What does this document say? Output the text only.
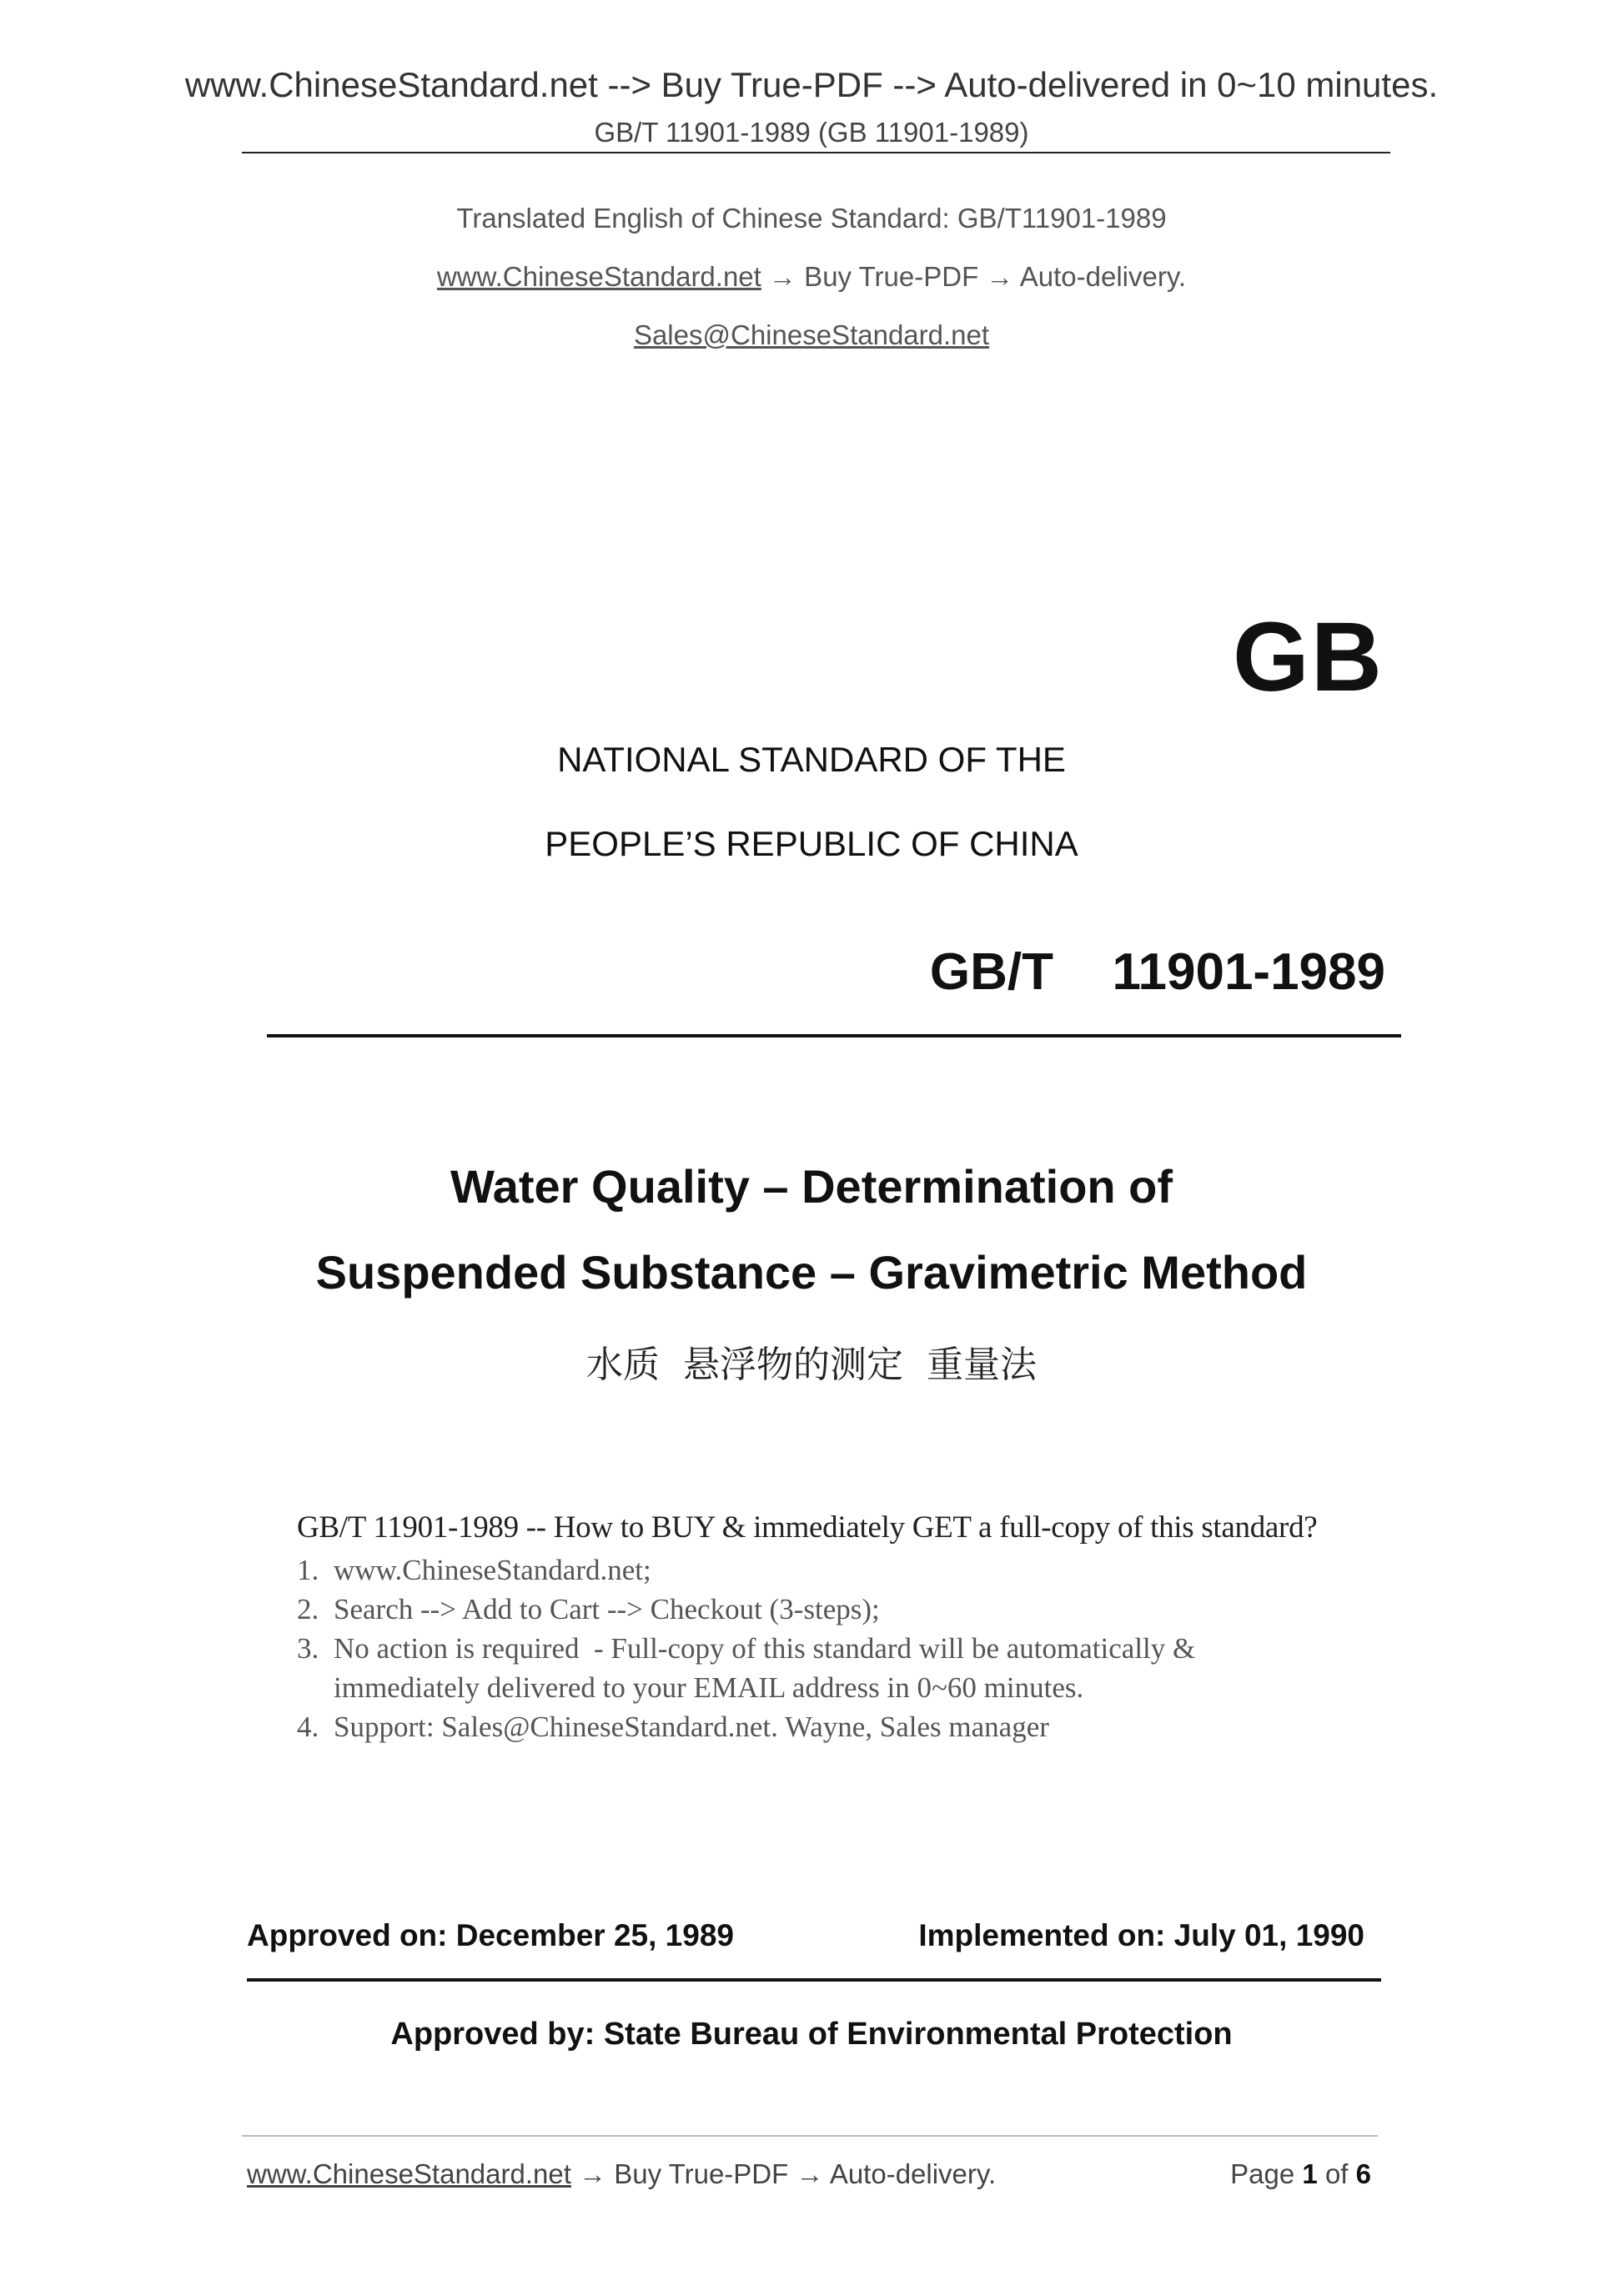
www.ChineseStandard.net --> Buy True-PDF --> Auto-delivered in 0~10 minutes.
GB/T 11901-1989 (GB 11901-1989)
Translated English of Chinese Standard: GB/T11901-1989
www.ChineseStandard.net → Buy True-PDF → Auto-delivery.
Sales@ChineseStandard.net
GB
NATIONAL STANDARD OF THE
PEOPLE’S REPUBLIC OF CHINA
GB/T  11901-1989
Water Quality – Determination of
Suspended Substance – Gravimetric Method
水质  悬浮物的测定  重量法
GB/T 11901-1989 -- How to BUY & immediately GET a full-copy of this standard?
1. www.ChineseStandard.net;
2. Search --> Add to Cart --> Checkout (3-steps);
3. No action is required  - Full-copy of this standard will be automatically &
immediately delivered to your EMAIL address in 0~60 minutes.
4. Support: Sales@ChineseStandard.net. Wayne, Sales manager
Approved on: December 25, 1989	Implemented on: July 01, 1990
Approved by: State Bureau of Environmental Protection
www.ChineseStandard.net → Buy True-PDF → Auto-delivery.	Page 1 of 6
